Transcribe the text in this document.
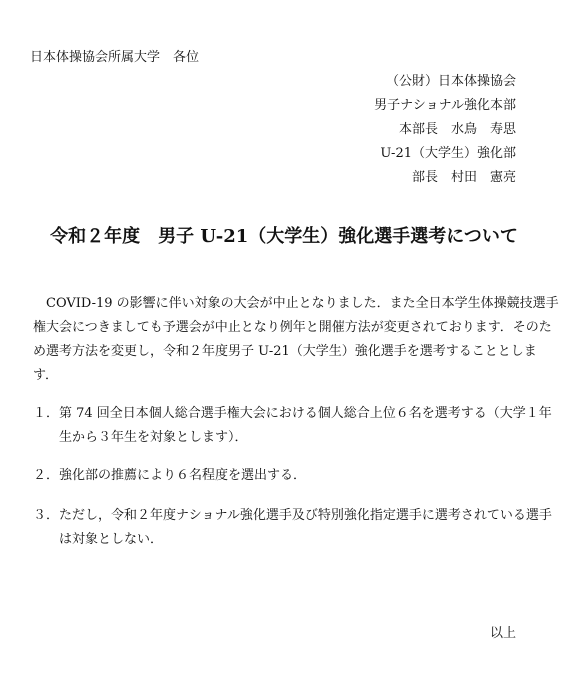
日本体操協会所属大学　各位
（公財）日本体操協会
男子ナショナル強化本部
本部長　水鳥　寿思
U-21（大学生）強化部
部長　村田　憲亮
令和２年度　男子 U-21（大学生）強化選手選考について
　COVID-19 の影響に伴い対象の大会が中止となりました．また全日本学生体操競技選手
権大会につきましても予選会が中止となり例年と開催方法が変更されております．そのた
め選考方法を変更し，令和２年度男子 U-21（大学生）強化選手を選考することとしま
す．
１．第 74 回全日本個人総合選手権大会における個人総合上位６名を選考する（大学１年
　　生から３年生を対象とします）．
２．強化部の推薦により６名程度を選出する．
３．ただし，令和２年度ナショナル強化選手及び特別強化指定選手に選考されている選手
　　は対象としない．
以上
